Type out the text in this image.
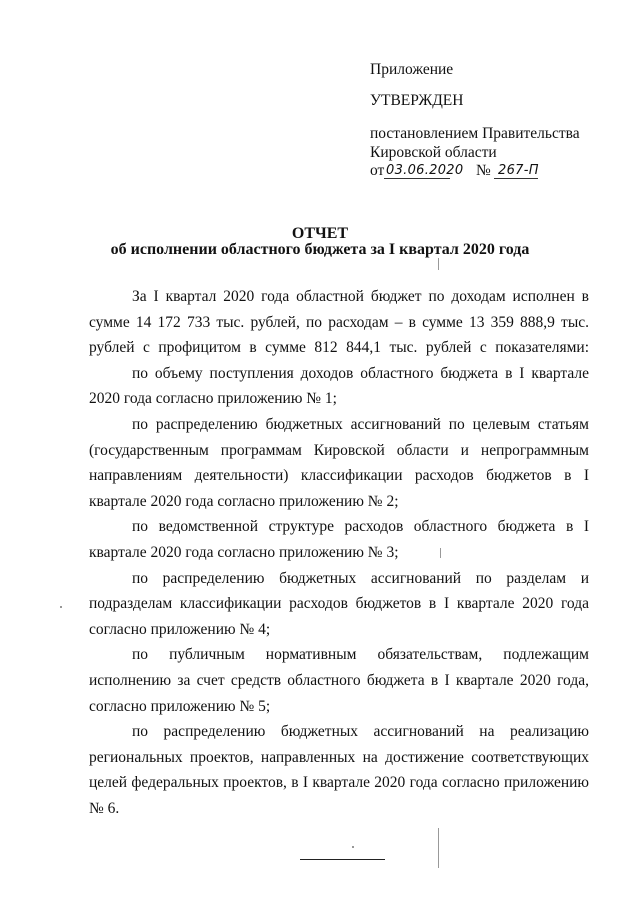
Приложение
УТВЕРЖДЕН
постановлением Правительства
Кировской области
от 03.06.2020 № 267-П
ОТЧЕТ
об исполнении областного бюджета за I квартал 2020 года

За I квартал 2020 года областной бюджет по доходам исполнен в сумме 14 172 733 тыс. рублей, по расходам – в сумме 13 359 888,9 тыс. рублей с профицитом в сумме 812 844,1 тыс. рублей с показателями:

по объему поступления доходов областного бюджета в I квартале 2020 года согласно приложению № 1;

по распределению бюджетных ассигнований по целевым статьям (государственным программам Кировской области и непрограммным направлениям деятельности) классификации расходов бюджетов в I квартале 2020 года согласно приложению № 2;

по ведомственной структуре расходов областного бюджета в I квартале 2020 года согласно приложению № 3;

по распределению бюджетных ассигнований по разделам и подразделам классификации расходов бюджетов в I квартале 2020 года согласно приложению № 4;

по публичным нормативным обязательствам, подлежащим исполнению за счет средств областного бюджета в I квартале 2020 года, согласно приложению № 5;

по распределению бюджетных ассигнований на реализацию региональных проектов, направленных на достижение соответствующих целей федеральных проектов, в I квартале 2020 года согласно приложению № 6.
